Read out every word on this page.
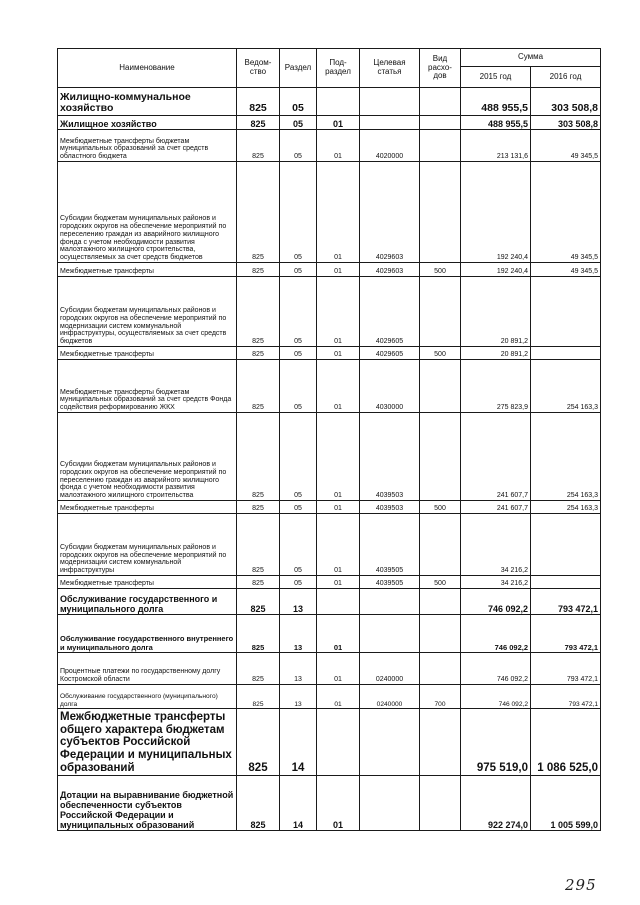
Наименование	Ведом-ство	Раздел	Под-раздел	Целевая статья	Вид расхо-дов	Сумма	
						2015 год	2016 год
Жилищно-коммунальное хозяйство	825	05				488 955,5	303 508,8
Жилищное хозяйство	825	05	01			488 955,5	303 508,8
Межбюджетные трансферты бюджетам муниципальных образований за счет средств областного бюджета	825	05	01	4020000		213 131,6	49 345,5
Субсидии бюджетам муниципальных районов и городских округов на обеспечение мероприятий по переселению граждан из аварийного жилищного фонда с учетом необходимости развития малоэтажного жилищного строительства, осуществляемых за счет средств бюджетов	825	05	01	4029603		192 240,4	49 345,5
Межбюджетные трансферты	825	05	01	4029603	500	192 240,4	49 345,5
Субсидии бюджетам муниципальных районов и городских округов на обеспечение мероприятий по модернизации систем коммунальной инфраструктуры, осуществляемых за счет средств бюджетов	825	05	01	4029605		20 891,2	
Межбюджетные трансферты	825	05	01	4029605	500	20 891,2	
Межбюджетные трансферты бюджетам муниципальных образований за счет средств Фонда содействия реформированию ЖКХ	825	05	01	4030000		275 823,9	254 163,3
Субсидии бюджетам муниципальных районов и городских округов на обеспечение мероприятий по переселению граждан из аварийного жилищного фонда с учетом необходимости развития малоэтажного жилищного строительства	825	05	01	4039503		241 607,7	254 163,3
Межбюджетные трансферты	825	05	01	4039503	500	241 607,7	254 163,3
Субсидии бюджетам муниципальных районов и городских округов на обеспечение мероприятий по модернизации систем коммунальной инфраструктуры	825	05	01	4039505		34 216,2	
Межбюджетные трансферты	825	05	01	4039505	500	34 216,2	
Обслуживание государственного и муниципального долга	825	13				746 092,2	793 472,1
Обслуживание государственного внутреннего и муниципального долга	825	13	01			746 092,2	793 472,1
Процентные платежи по государственному долгу Костромской области	825	13	01	0240000		746 092,2	793 472,1
Обслуживание государственного (муниципального) долга	825	13	01	0240000	700	746 092,2	793 472,1
Межбюджетные трансферты общего характера бюджетам субъектов Российской Федерации и муниципальных образований	825	14				975 519,0	1 086 525,0
Дотации на выравнивание бюджетной обеспеченности субъектов Российской Федерации и муниципальных образований	825	14	01			922 274,0	1 005 599,0
295
